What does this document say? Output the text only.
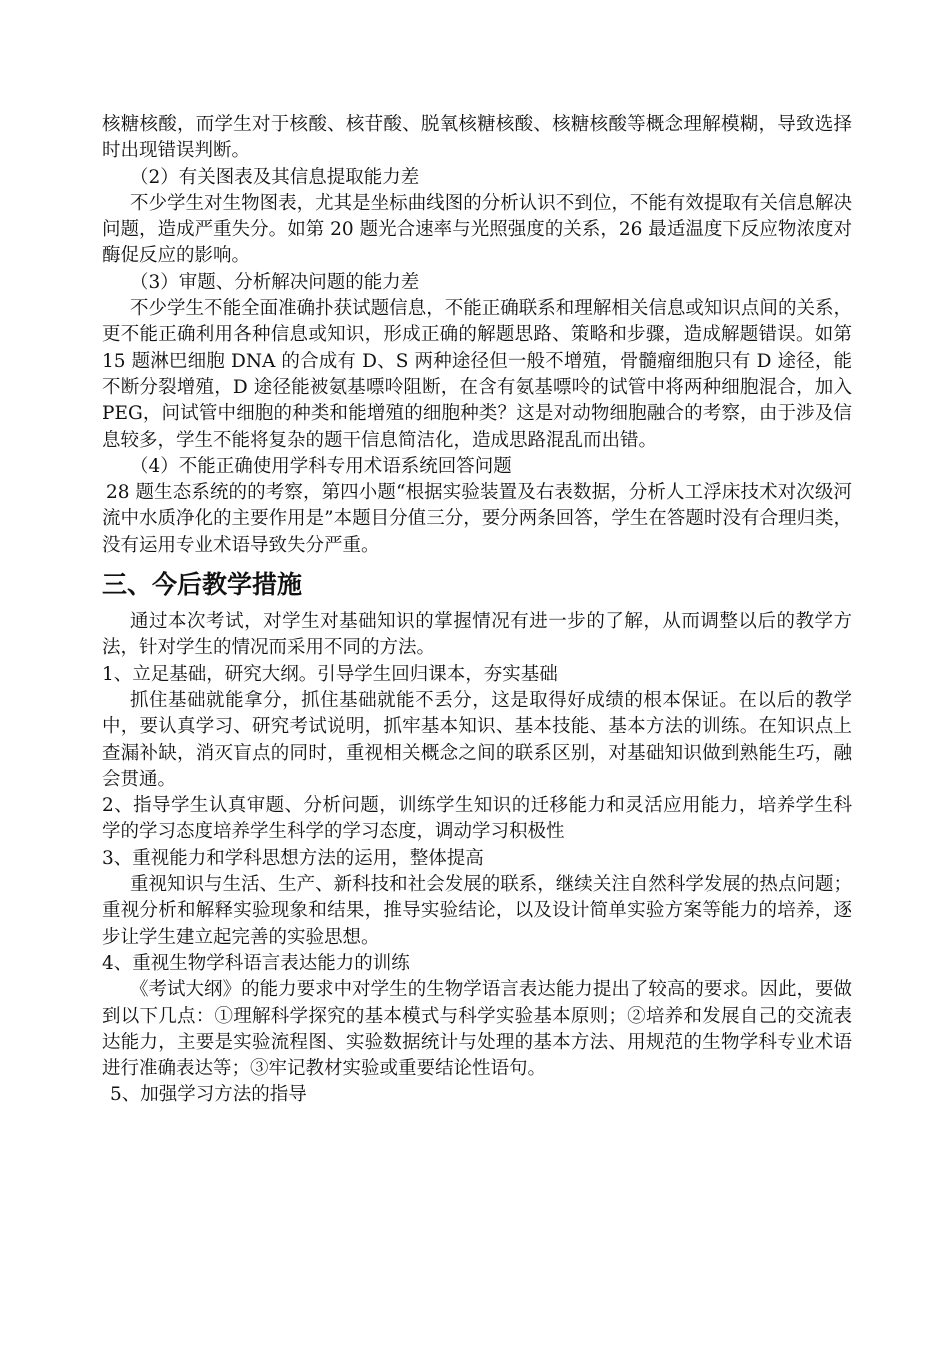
核糖核酸，而学生对于核酸、核苷酸、脱氧核糖核酸、核糖核酸等概念理解模糊，导致选择时出现错误判断。

（2）有关图表及其信息提取能力差

不少学生对生物图表，尤其是坐标曲线图的分析认识不到位，不能有效提取有关信息解决问题，造成严重失分。如第 20 题光合速率与光照强度的关系，26 最适温度下反应物浓度对酶促反应的影响。

（3）审题、分析解决问题的能力差

不少学生不能全面准确扑获试题信息，不能正确联系和理解相关信息或知识点间的关系，更不能正确利用各种信息或知识，形成正确的解题思路、策略和步骤，造成解题错误。如第 15 题淋巴细胞 DNA 的合成有 D、S 两种途径但一般不增殖，骨髓瘤细胞只有 D 途径，能不断分裂增殖，D 途径能被氨基嘌呤阻断，在含有氨基嘌呤的试管中将两种细胞混合，加入 PEG，问试管中细胞的种类和能增殖的细胞种类？这是对动物细胞融合的考察，由于涉及信息较多，学生不能将复杂的题干信息简洁化，造成思路混乱而出错。

（4）不能正确使用学科专用术语系统回答问题

28 题生态系统的的考察，第四小题“根据实验装置及右表数据，分析人工浮床技术对次级河流中水质净化的主要作用是”本题目分值三分，要分两条回答，学生在答题时没有合理归类，没有运用专业术语导致失分严重。

三、今后教学措施

通过本次考试，对学生对基础知识的掌握情况有进一步的了解，从而调整以后的教学方法，针对学生的情况而采用不同的方法。

1、立足基础，研究大纲。引导学生回归课本，夯实基础

抓住基础就能拿分，抓住基础就能不丢分，这是取得好成绩的根本保证。在以后的教学中，要认真学习、研究考试说明，抓牢基本知识、基本技能、基本方法的训练。在知识点上查漏补缺，消灭盲点的同时，重视相关概念之间的联系区别，对基础知识做到熟能生巧，融会贯通。

2、指导学生认真审题、分析问题，训练学生知识的迁移能力和灵活应用能力，培养学生科学的学习态度培养学生科学的学习态度，调动学习积极性

3、重视能力和学科思想方法的运用，整体提高

重视知识与生活、生产、新科技和社会发展的联系，继续关注自然科学发展的热点问题；重视分析和解释实验现象和结果，推导实验结论，以及设计简单实验方案等能力的培养，逐步让学生建立起完善的实验思想。

4、重视生物学科语言表达能力的训练

《考试大纲》的能力要求中对学生的生物学语言表达能力提出了较高的要求。因此，要做到以下几点：①理解科学探究的基本模式与科学实验基本原则；②培养和发展自己的交流表达能力，主要是实验流程图、实验数据统计与处理的基本方法、用规范的生物学科专业术语进行准确表达等；③牢记教材实验或重要结论性语句。

5、加强学习方法的指导
